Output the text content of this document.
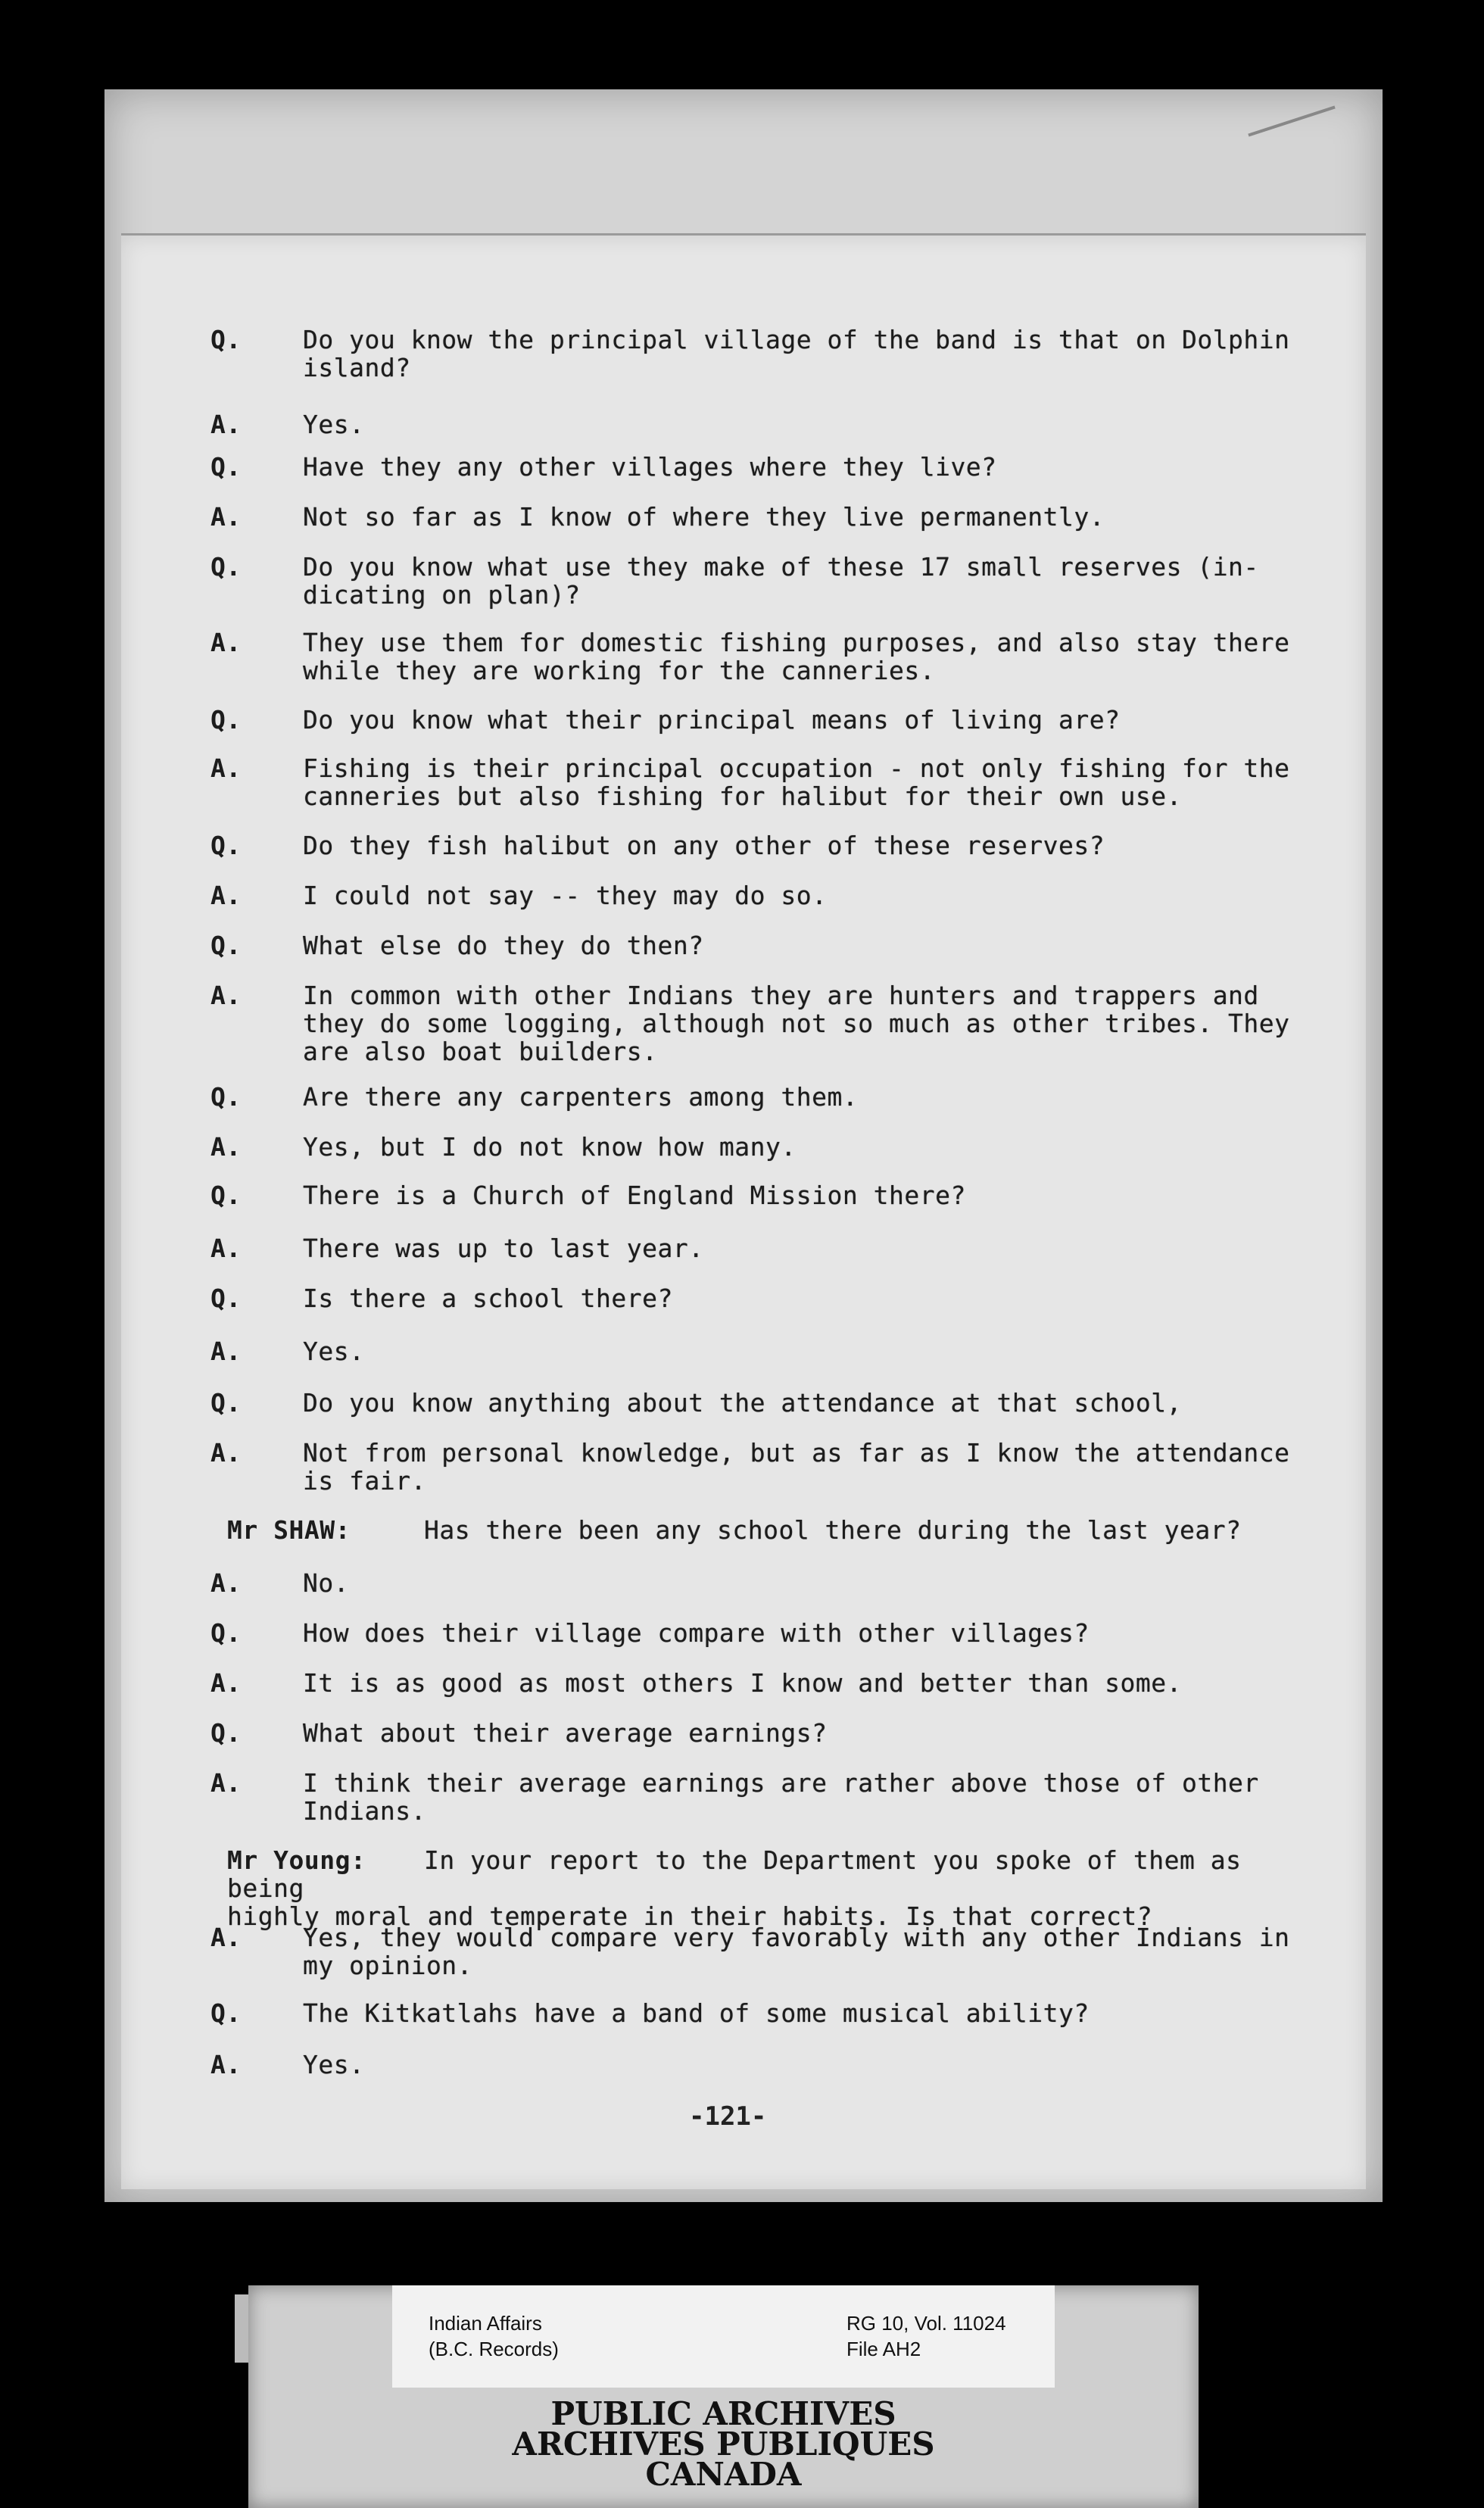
Q. Do you know the principal village of the band is that on Dolphin
island?
A. Yes.
Q. Have they any other villages where they live?
A. Not so far as I know of where they live permanently.
Q. Do you know what use they make of these 17 small reserves (in-
dicating on plan)?
A. They use them for domestic fishing purposes, and also stay there
while they are working for the canneries.
Q. Do you know what their principal means of living are?
A. Fishing is their principal occupation - not only fishing for the
canneries but also fishing for halibut for their own use.
Q. Do they fish halibut on any other of these reserves?
A. I could not say -- they may do so.
Q. What else do they do then?
A. In common with other Indians they are hunters and trappers and
they do some logging, although not so much as other tribes. They
are also boat builders.
Q. Are there any carpenters among them.
A. Yes, but I do not know how many.
Q. There is a Church of England Mission there?
A. There was up to last year.
Q. Is there a school there?
A. Yes.
Q. Do you know anything about the attendance at that school,
A. Not from personal knowledge, but as far as I know the attendance
is fair.
Mr SHAW:	Has there been any school there during the last year?
A. No.
Q. How does their village compare with other villages?
A. It is as good as most others I know and better than some.
Q. What about their average earnings?
A. I think their average earnings are rather above those of other
Indians.
Mr Young:	In your report to the Department you spoke of them as being
highly moral and temperate in their habits. Is that correct?
A. Yes, they would compare very favorably with any other Indians in
my opinion.
Q. The Kitkatlahs have a band of some musical ability?
A. Yes.
-121-
Indian Affairs
(B.C. Records)
RG 10, Vol. 11024
File AH2
PUBLIC ARCHIVES
ARCHIVES PUBLIQUES
CANADA
